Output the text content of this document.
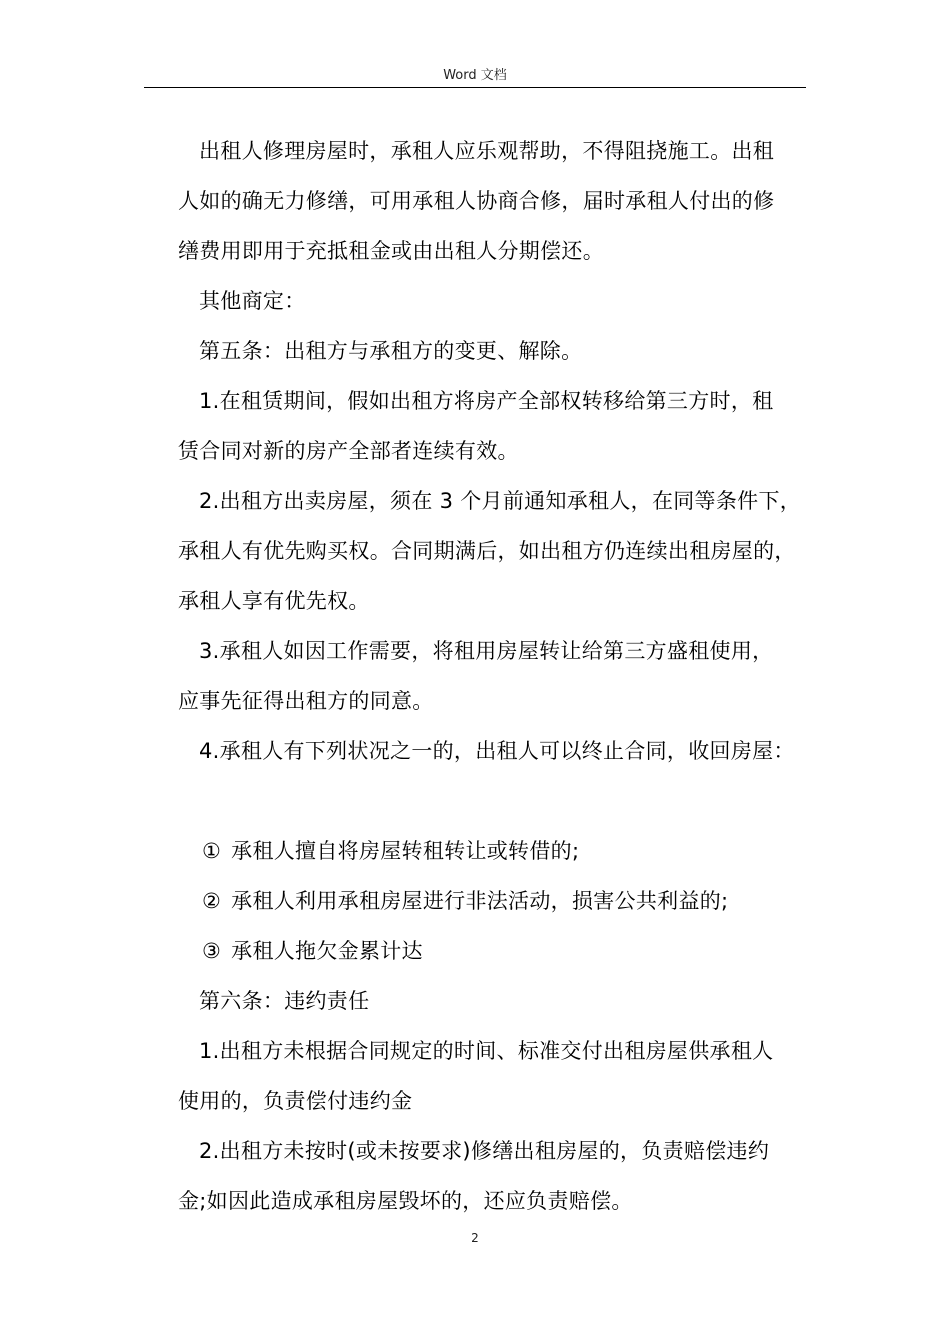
Word 文档
出租人修理房屋时，承租人应乐观帮助，不得阻挠施工。出租
人如的确无力修缮，可用承租人协商合修，届时承租人付出的修
缮费用即用于充抵租金或由出租人分期偿还。
其他商定：
第五条：出租方与承租方的变更、解除。
1.在租赁期间，假如出租方将房产全部权转移给第三方时，租
赁合同对新的房产全部者连续有效。
2.出租方出卖房屋，须在 3 个月前通知承租人，在同等条件下，
承租人有优先购买权。合同期满后，如出租方仍连续出租房屋的，
承租人享有优先权。
3.承租人如因工作需要，将租用房屋转让给第三方盛租使用，
应事先征得出租方的同意。
4.承租人有下列状况之一的，出租人可以终止合同，收回房屋：
① 承租人擅自将房屋转租转让或转借的;
② 承租人利用承租房屋进行非法活动，损害公共利益的;
③ 承租人拖欠金累计达
第六条：违约责任
1.出租方未根据合同规定的时间、标准交付出租房屋供承租人
使用的，负责偿付违约金
2.出租方未按时(或未按要求)修缮出租房屋的，负责赔偿违约
金;如因此造成承租房屋毁坏的，还应负责赔偿。
2
